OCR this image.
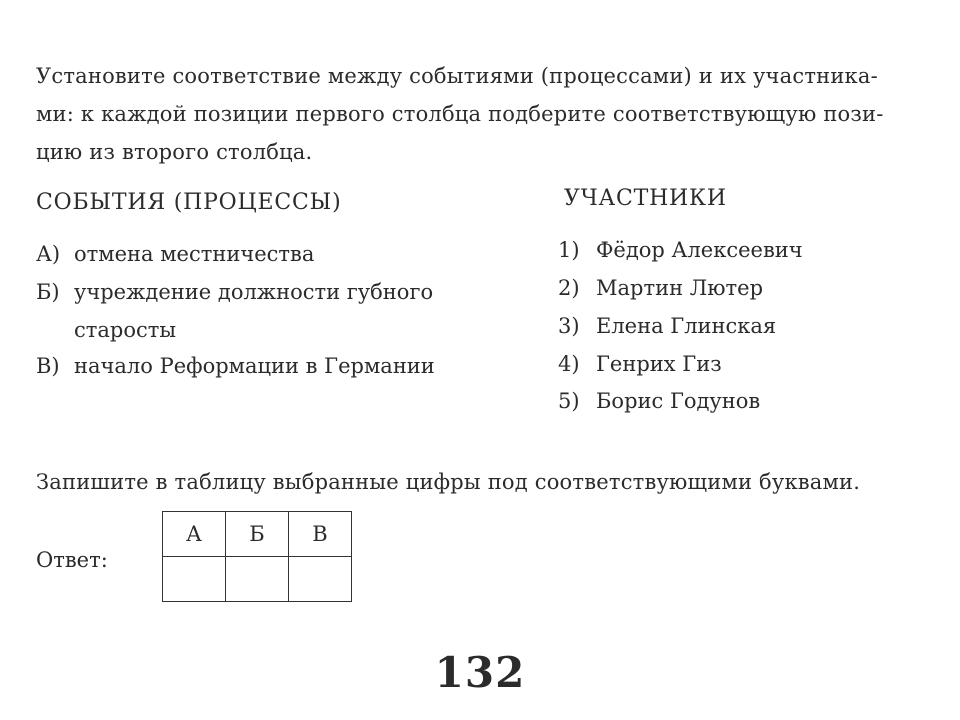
Установите соответствие между событиями (процессами) и их участника-
ми: к каждой позиции первого столбца подберите соответствующую пози-
цию из второго столбца.
СОБЫТИЯ (ПРОЦЕССЫ)
А) отмена местничества
Б) учреждение должности губного
старосты
В) начало Реформации в Германии
УЧАСТНИКИ
1) Фёдор Алексеевич
2) Мартин Лютер
3) Елена Глинская
4) Генрих Гиз
5) Борис Годунов
Запишите в таблицу выбранные цифры под соответствующими буквами.
Ответ:
А	Б	В

132
